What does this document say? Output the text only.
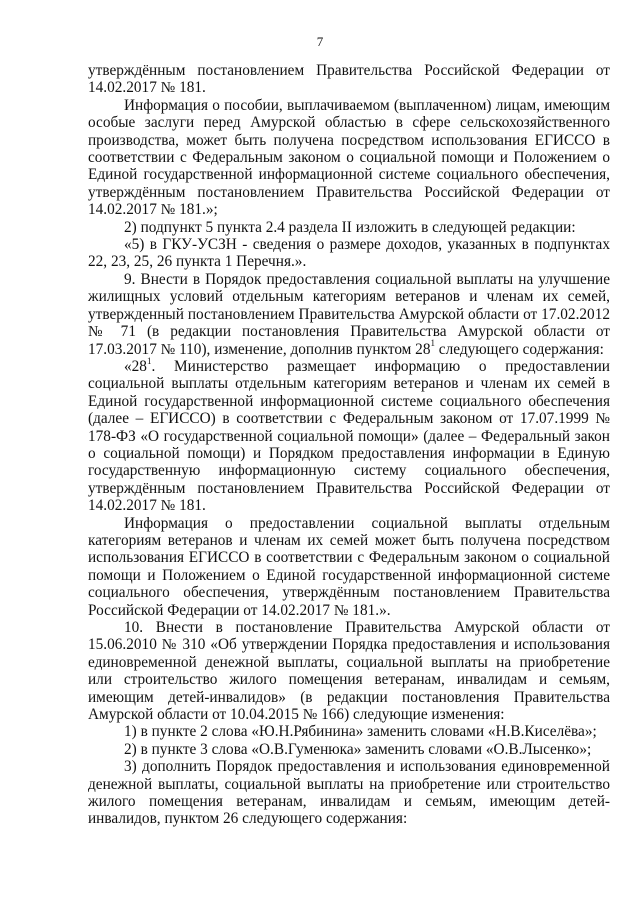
7

утверждённым постановлением Правительства Российской Федерации от 14.02.2017 № 181.

Информация о пособии, выплачиваемом (выплаченном) лицам, имеющим особые заслуги перед Амурской областью в сфере сельскохозяйственного производства, может быть получена посредством использования ЕГИССО в соответствии с Федеральным законом о социальной помощи и Положением о Единой государственной информационной системе социального обеспечения, утверждённым постановлением Правительства Российской Федерации от 14.02.2017 № 181.»;

2) подпункт 5 пункта 2.4 раздела II изложить в следующей редакции:

«5) в ГКУ-УСЗН - сведения о размере доходов, указанных в подпунктах 22, 23, 25, 26 пункта 1 Перечня.».

9. Внести в Порядок предоставления социальной выплаты на улучшение жилищных условий отдельным категориям ветеранов и членам их семей, утвержденный постановлением Правительства Амурской области от 17.02.2012 № 71 (в редакции постановления Правительства Амурской области от 17.03.2017 № 110), изменение, дополнив пунктом $28^1$ следующего содержания:

«$28^1$. Министерство размещает информацию о предоставлении социальной выплаты отдельным категориям ветеранов и членам их семей в Единой государственной информационной системе социального обеспечения (далее – ЕГИССО) в соответствии с Федеральным законом от 17.07.1999 № 178-ФЗ «О государственной социальной помощи» (далее – Федеральный закон о социальной помощи) и Порядком предоставления информации в Единую государственную информационную систему социального обеспечения, утверждённым постановлением Правительства Российской Федерации от 14.02.2017 № 181.

Информация о предоставлении социальной выплаты отдельным категориям ветеранов и членам их семей может быть получена посредством использования ЕГИССО в соответствии с Федеральным законом о социальной помощи и Положением о Единой государственной информационной системе социального обеспечения, утверждённым постановлением Правительства Российской Федерации от 14.02.2017 № 181.».

10. Внести в постановление Правительства Амурской области от 15.06.2010 № 310 «Об утверждении Порядка предоставления и использования единовременной денежной выплаты, социальной выплаты на приобретение или строительство жилого помещения ветеранам, инвалидам и семьям, имеющим детей-инвалидов» (в редакции постановления Правительства Амурской области от 10.04.2015 № 166) следующие изменения:

1) в пункте 2 слова «Ю.Н.Рябинина» заменить словами «Н.В.Киселёва»;

2) в пункте 3 слова «О.В.Гуменюка» заменить словами «О.В.Лысенко»;

3) дополнить Порядок предоставления и использования единовременной денежной выплаты, социальной выплаты на приобретение или строительство жилого помещения ветеранам, инвалидам и семьям, имеющим детей-инвалидов, пунктом 26 следующего содержания:
